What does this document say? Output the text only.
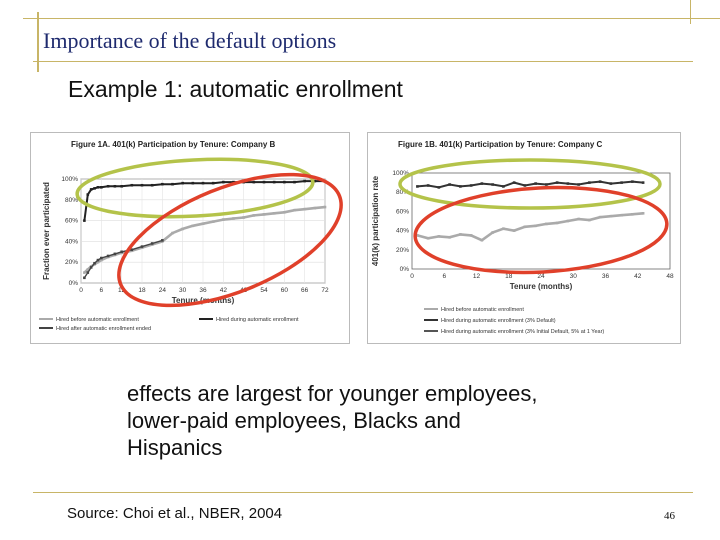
Importance of the default options
Example 1: automatic enrollment
Figure 1A. 401(k) Participation by Tenure: Company B
0%
20%
40%
60%
80%
100%
0	6 12 18 24 30 36 42 48 54 60 66 72
Tenure (months)
Fraction ever participated
Hired before automatic enrollment	Hired during automatic enrollment
Hired after automatic enrollment ended
Figure 1B. 401(k) Participation by Tenure: Company C
0%
20%
40%
60%
80%
100%
0	6	12	18	24	30	36	42	48
Tenure (months)
401(k) participation rate
Hired before automatic enrollment
Hired during automatic enrollment (3% Default)
Hired during automatic enrollment (3% Initial Default, 5% at 1 Year)
effects are largest for younger employees,
lower-paid employees, Blacks and
Hispanics
Source: Choi et al., NBER, 2004	46
